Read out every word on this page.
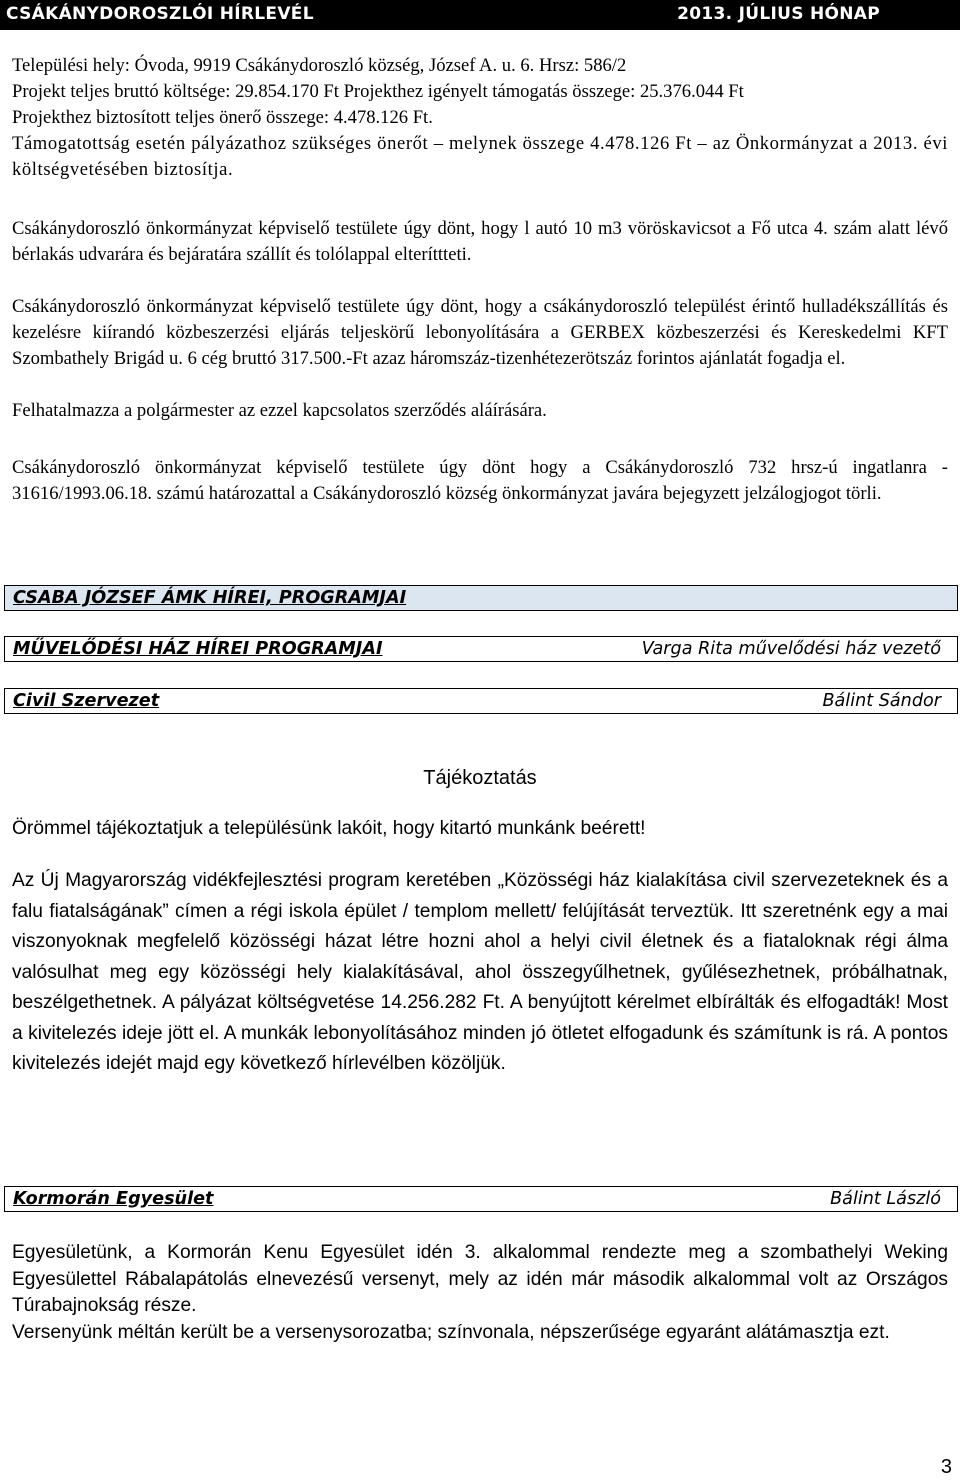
CSÁKÁNYDOROSZLÓI HÍRLEVÉL	2013. JÚLIUS HÓNAP

Települési hely: Óvoda, 9919 Csákánydoroszló község, József A. u. 6. Hrsz: 586/2

Projekt teljes bruttó költsége: 29.854.170 Ft Projekthez igényelt támogatás összege: 25.376.044 Ft

Projekthez biztosított teljes önerő összege: 4.478.126 Ft.

Támogatottság esetén pályázathoz szükséges önerőt – melynek összege 4.478.126 Ft – az Önkormányzat a 2013. évi költségvetésében biztosítja.

Csákánydoroszló önkormányzat képviselő testülete úgy dönt, hogy l autó 10 m3 vöröskavicsot a Fő utca 4. szám alatt lévő bérlakás udvarára és bejáratára szállít és tolólappal elteríttteti.

Csákánydoroszló önkormányzat képviselő testülete úgy dönt, hogy a csákánydoroszló települést érintő hulladékszállítás és kezelésre kiírandó közbeszerzési eljárás teljeskörű lebonyolítására a GERBEX közbeszerzési és Kereskedelmi KFT Szombathely Brigád u. 6 cég bruttó 317.500.-Ft azaz háromszáz-tizenhétezerötszáz forintos ajánlatát fogadja el.

Felhatalmazza a polgármester az ezzel kapcsolatos szerződés aláírására.

Csákánydoroszló önkormányzat képviselő testülete úgy dönt hogy a Csákánydoroszló 732 hrsz-ú ingatlanra - 31616/1993.06.18. számú határozattal a Csákánydoroszló község önkormányzat javára bejegyzett jelzálogjogot törli.

CSABA JÓZSEF ÁMK HÍREI, PROGRAMJAI
MŰVELŐDÉSI HÁZ HÍREI PROGRAMJAI	Varga Rita művelődési ház vezető
Civil Szervezet	Bálint Sándor
Tájékoztatás

Örömmel tájékoztatjuk a településünk lakóit, hogy kitartó munkánk beérett!

Az Új Magyarország vidékfejlesztési program keretében „Közösségi ház kialakítása civil szervezeteknek és a falu fiatalságának” címen a régi iskola épület / templom mellett/ felújítását terveztük. Itt szeretnénk egy a mai viszonyoknak megfelelő közösségi házat létre hozni ahol a helyi civil életnek és a fiataloknak régi álma valósulhat meg egy közösségi hely kialakításával, ahol összegyűlhetnek, gyűlésezhetnek, próbálhatnak, beszélgethetnek. A pályázat költségvetése 14.256.282 Ft. A benyújtott kérelmet elbírálták és elfogadták! Most a kivitelezés ideje jött el. A munkák lebonyolításához minden jó ötletet elfogadunk és számítunk is rá. A pontos kivitelezés idejét majd egy következő hírlevélben közöljük.

Kormorán Egyesület	Bálint László

Egyesületünk, a Kormorán Kenu Egyesület idén 3. alkalommal rendezte meg a szombathelyi Weking Egyesülettel Rábalapátolás elnevezésű versenyt, mely az idén már második alkalommal volt az Országos Túrabajnokság része.

Versenyünk méltán került be a versenysorozatba; színvonala, népszerűsége egyaránt alátámasztja ezt.

3
